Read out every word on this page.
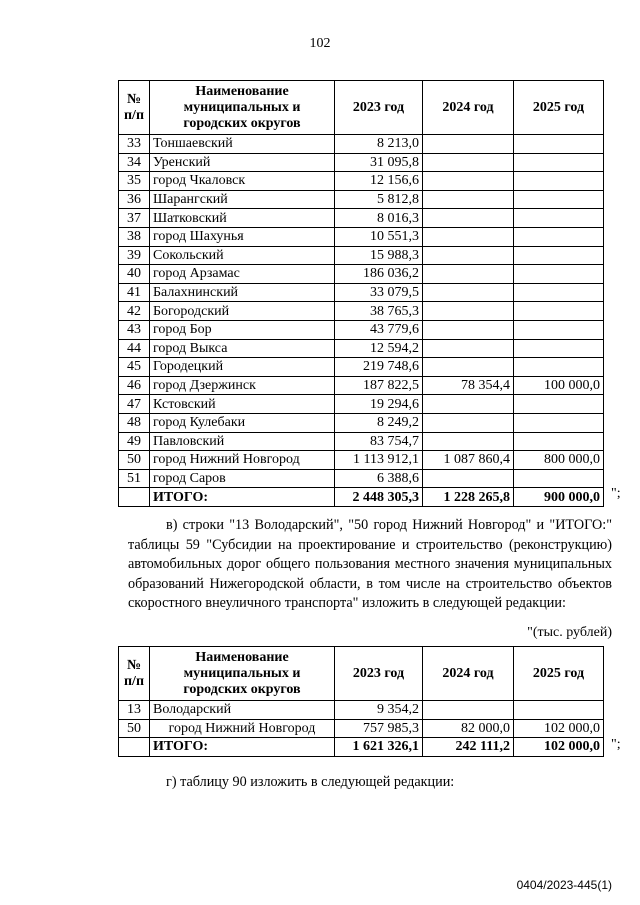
102
№ п/п	Наименование муниципальных и городских округов	2023 год	2024 год	2025 год
33	Тоншаевский	8 213,0		
34	Уренский	31 095,8		
35	город Чкаловск	12 156,6		
36	Шарангский	5 812,8		
37	Шатковский	8 016,3		
38	город Шахунья	10 551,3		
39	Сокольский	15 988,3		
40	город Арзамас	186 036,2		
41	Балахнинский	33 079,5		
42	Богородский	38 765,3		
43	город Бор	43 779,6		
44	город Выкса	12 594,2		
45	Городецкий	219 748,6		
46	город Дзержинск	187 822,5	78 354,4	100 000,0
47	Кстовский	19 294,6		
48	город Кулебаки	8 249,2		
49	Павловский	83 754,7		
50	город Нижний Новгород	1 113 912,1	1 087 860,4	800 000,0
51	город Саров	6 388,6		
	ИТОГО:	2 448 305,3	1 228 265,8	900 000,0 ";
в) строки "13 Володарский", "50 город Нижний Новгород" и "ИТОГО:" таблицы 59 "Субсидии на проектирование и строительство (реконструкцию) автомобильных дорог общего пользования местного значения муниципальных образований Нижегородской области, в том числе на строительство объектов скоростного внеуличного транспорта" изложить в следующей редакции:
"(тыс. рублей)
№ п/п	Наименование муниципальных и городских округов	2023 год	2024 год	2025 год
13	Володарский	9 354,2		
50	город Нижний Новгород	757 985,3	82 000,0	102 000,0
	ИТОГО:	1 621 326,1	242 111,2	102 000,0 ";
г) таблицу 90 изложить в следующей редакции:
0404/2023-445(1)
